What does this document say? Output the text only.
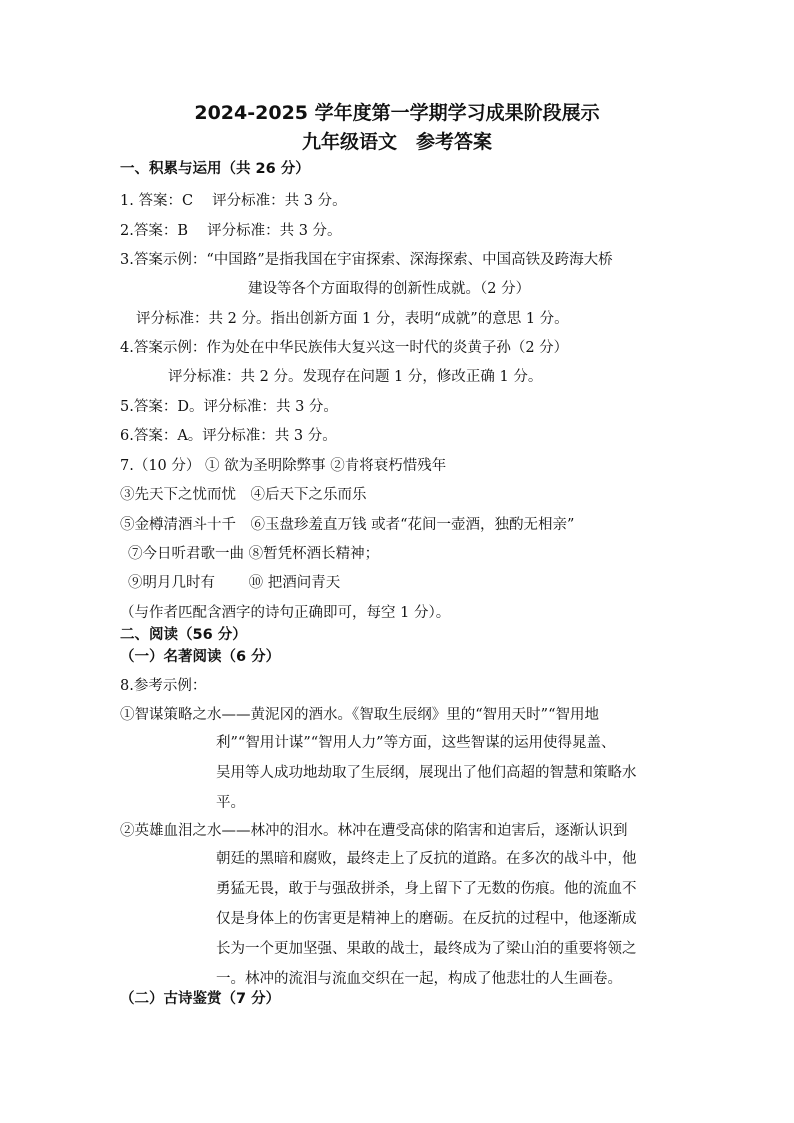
2024-2025 学年度第一学期学习成果阶段展示
九年级语文　参考答案
一、积累与运用（共 26 分）
1. 答案：C　 评分标准：共 3 分。
2.答案：B　 评分标准：共 3 分。
3.答案示例：“中国路”是指我国在宇宙探索、深海探索、中国高铁及跨海大桥
建设等各个方面取得的创新性成就。（2 分）
评分标准：共 2 分。指出创新方面 1 分，表明“成就”的意思 1 分。
4.答案示例：作为处在中华民族伟大复兴这一时代的炎黄子孙（2 分）
评分标准：共 2 分。发现存在问题 1 分，修改正确 1 分。
5.答案：D。评分标准：共 3 分。
6.答案：A。评分标准：共 3 分。
7.（10 分） ① 欲为圣明除弊事 ②肯将衰朽惜残年
③先天下之忧而忧　④后天下之乐而乐
⑤金樽清酒斗十千　⑥玉盘珍羞直万钱 或者“花间一壶酒，独酌无相亲”
⑦今日听君歌一曲 ⑧暂凭杯酒长精神；
⑨明月几时有　　 ⑩ 把酒问青天
（与作者匹配含酒字的诗句正确即可，每空 1 分）。
二、阅读（56 分）
（一）名著阅读（6 分）
8.参考示例：
①智谋策略之水——黄泥冈的酒水。《智取生辰纲》里的“智用天时”“智用地
利”“智用计谋”“智用人力”等方面，这些智谋的运用使得晁盖、
吴用等人成功地劫取了生辰纲，展现出了他们高超的智慧和策略水
平。
②英雄血泪之水——林冲的泪水。林冲在遭受高俅的陷害和迫害后，逐渐认识到
朝廷的黑暗和腐败，最终走上了反抗的道路。在多次的战斗中，他
勇猛无畏，敢于与强敌拼杀，身上留下了无数的伤痕。他的流血不
仅是身体上的伤害更是精神上的磨砺。在反抗的过程中，他逐渐成
长为一个更加坚强、果敢的战士，最终成为了梁山泊的重要将领之
一。林冲的流泪与流血交织在一起，构成了他悲壮的人生画卷。
（二）古诗鉴赏（7 分）
